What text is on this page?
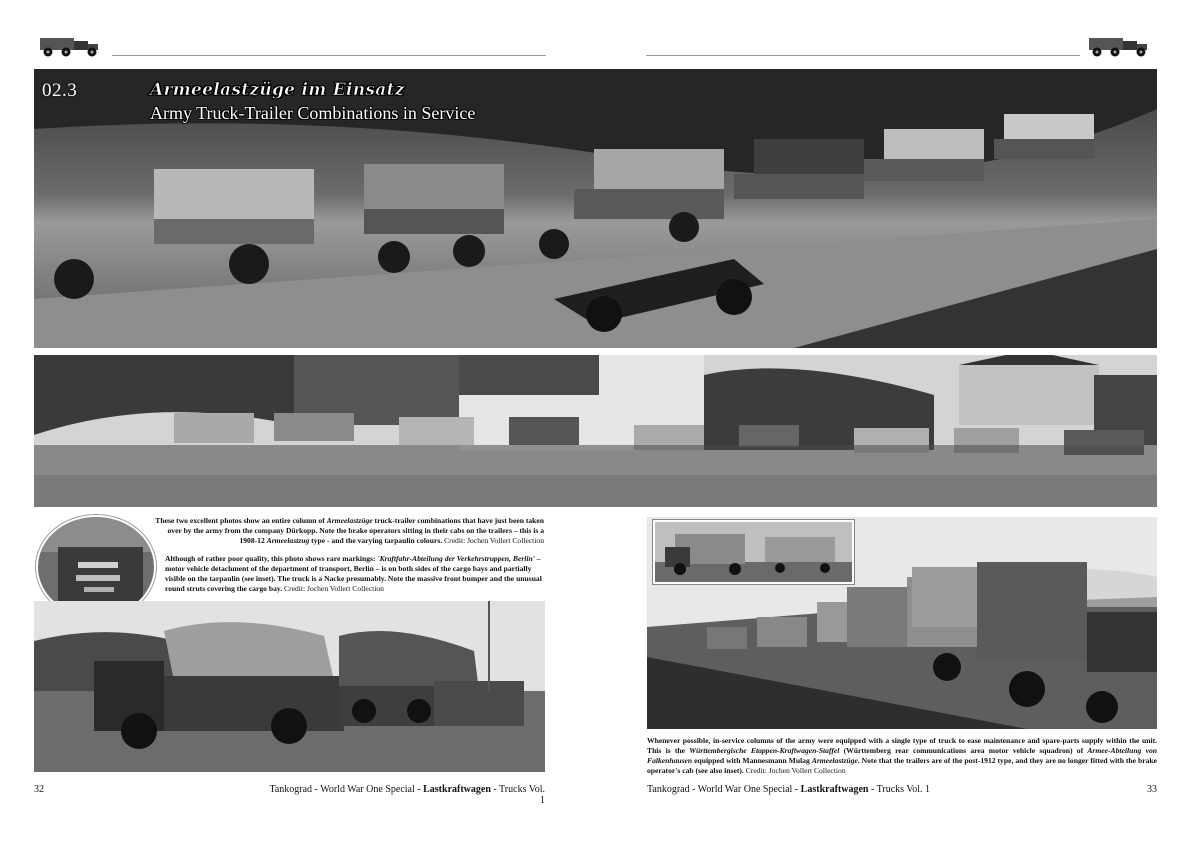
02.3	Armeelastzüge im Einsatz
Army Truck-Trailer Combinations in Service
These two excellent photos show an entire column of Armeelastzüge truck-trailer combinations that have just been taken over by the army from the company Dürkopp. Note the brake operators sitting in their cabs on the trailers – this is a 1908-12 Armeelastzug type - and the varying tarpaulin colours. Credit: Jochen Vollert Collection
Although of rather poor quality, this photo shows rare markings: 'Kraftfahr-Abteilung der Verkehrstruppen, Berlin' – motor vehicle detachment of the department of transport, Berlin – is on both sides of the cargo bays and partially visible on the tarpaulin (see inset). The truck is a Nacke presumably. Note the massive front bumper and the unusual round struts covering the cargo bay. Credit: Jochen Vollert Collection
Whenever possible, in-service columns of the army were equipped with a single type of truck to ease maintenance and spare-parts supply within the unit. This is the Württembergische Etappen-Kraftwagen-Staffel (Württemberg rear communications area motor vehicle squadron) of Armee-Abteilung von Falkenhausen equipped with Mannesmann Mulag Armeelastzüge. Note that the trailers are of the post-1912 type, and they are no longer fitted with the brake operator's cab (see also inset). Credit: Jochen Vollert Collection
32	Tankograd - World War One Special - Lastkraftwagen - Trucks Vol. 1
Tankograd - World War One Special - Lastkraftwagen - Trucks Vol. 1	33
